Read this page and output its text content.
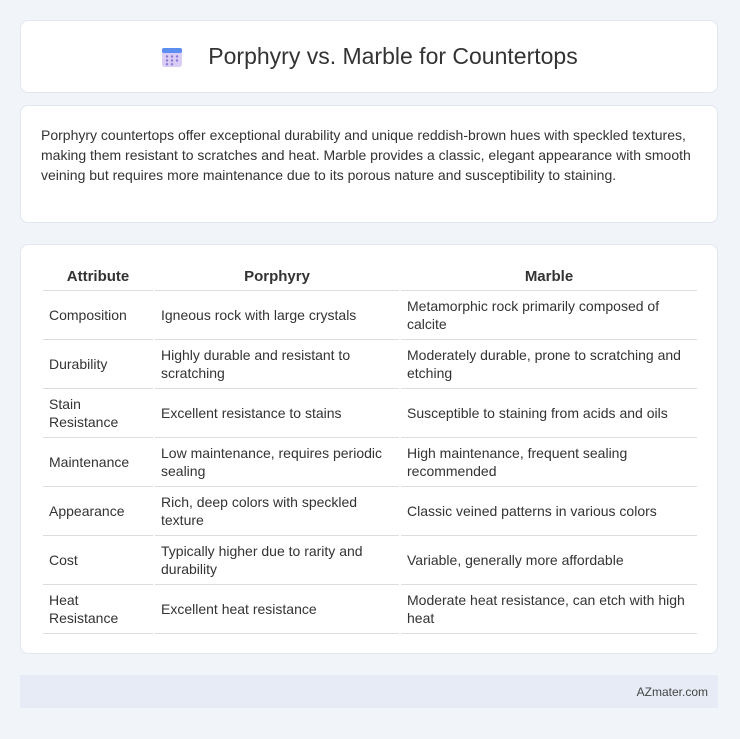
Porphyry vs. Marble for Countertops

Porphyry countertops offer exceptional durability and unique reddish-brown hues with speckled textures, making them resistant to scratches and heat. Marble provides a classic, elegant appearance with smooth veining but requires more maintenance due to its porous nature and susceptibility to staining.

Attribute	Porphyry	Marble
Composition	Igneous rock with large crystals	Metamorphic rock primarily composed of calcite
Durability	Highly durable and resistant to scratching	Moderately durable, prone to scratching and etching
Stain Resistance	Excellent resistance to stains	Susceptible to staining from acids and oils
Maintenance	Low maintenance, requires periodic sealing	High maintenance, frequent sealing recommended
Appearance	Rich, deep colors with speckled texture	Classic veined patterns in various colors
Cost	Typically higher due to rarity and durability	Variable, generally more affordable
Heat Resistance	Excellent heat resistance	Moderate heat resistance, can etch with high heat
AZmater.com
